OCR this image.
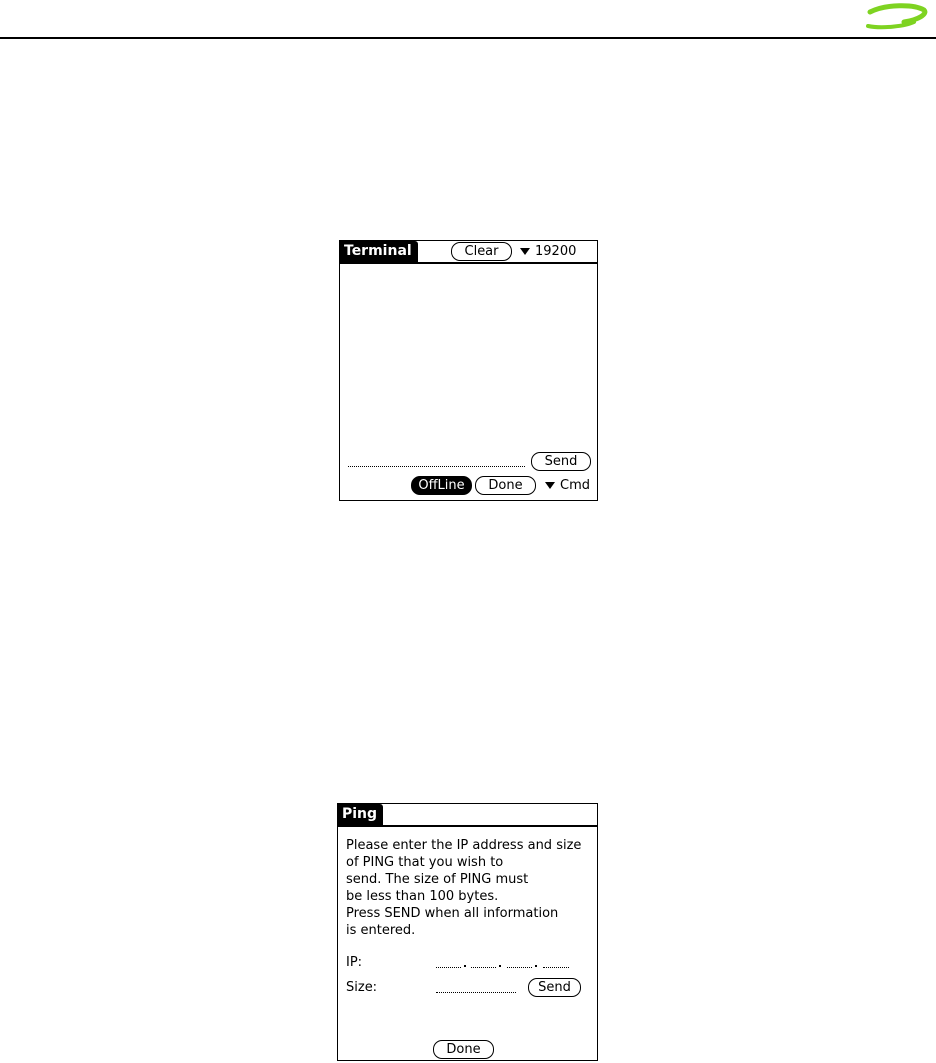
Terminal	Clear	19200
Send
OffLine	Done	Cmd
Ping
Please enter the IP address and size
of PING that you wish to
send. The size of PING must
be less than 100 bytes.
Press SEND when all information
is entered.
IP:
Size:	Send
Done
